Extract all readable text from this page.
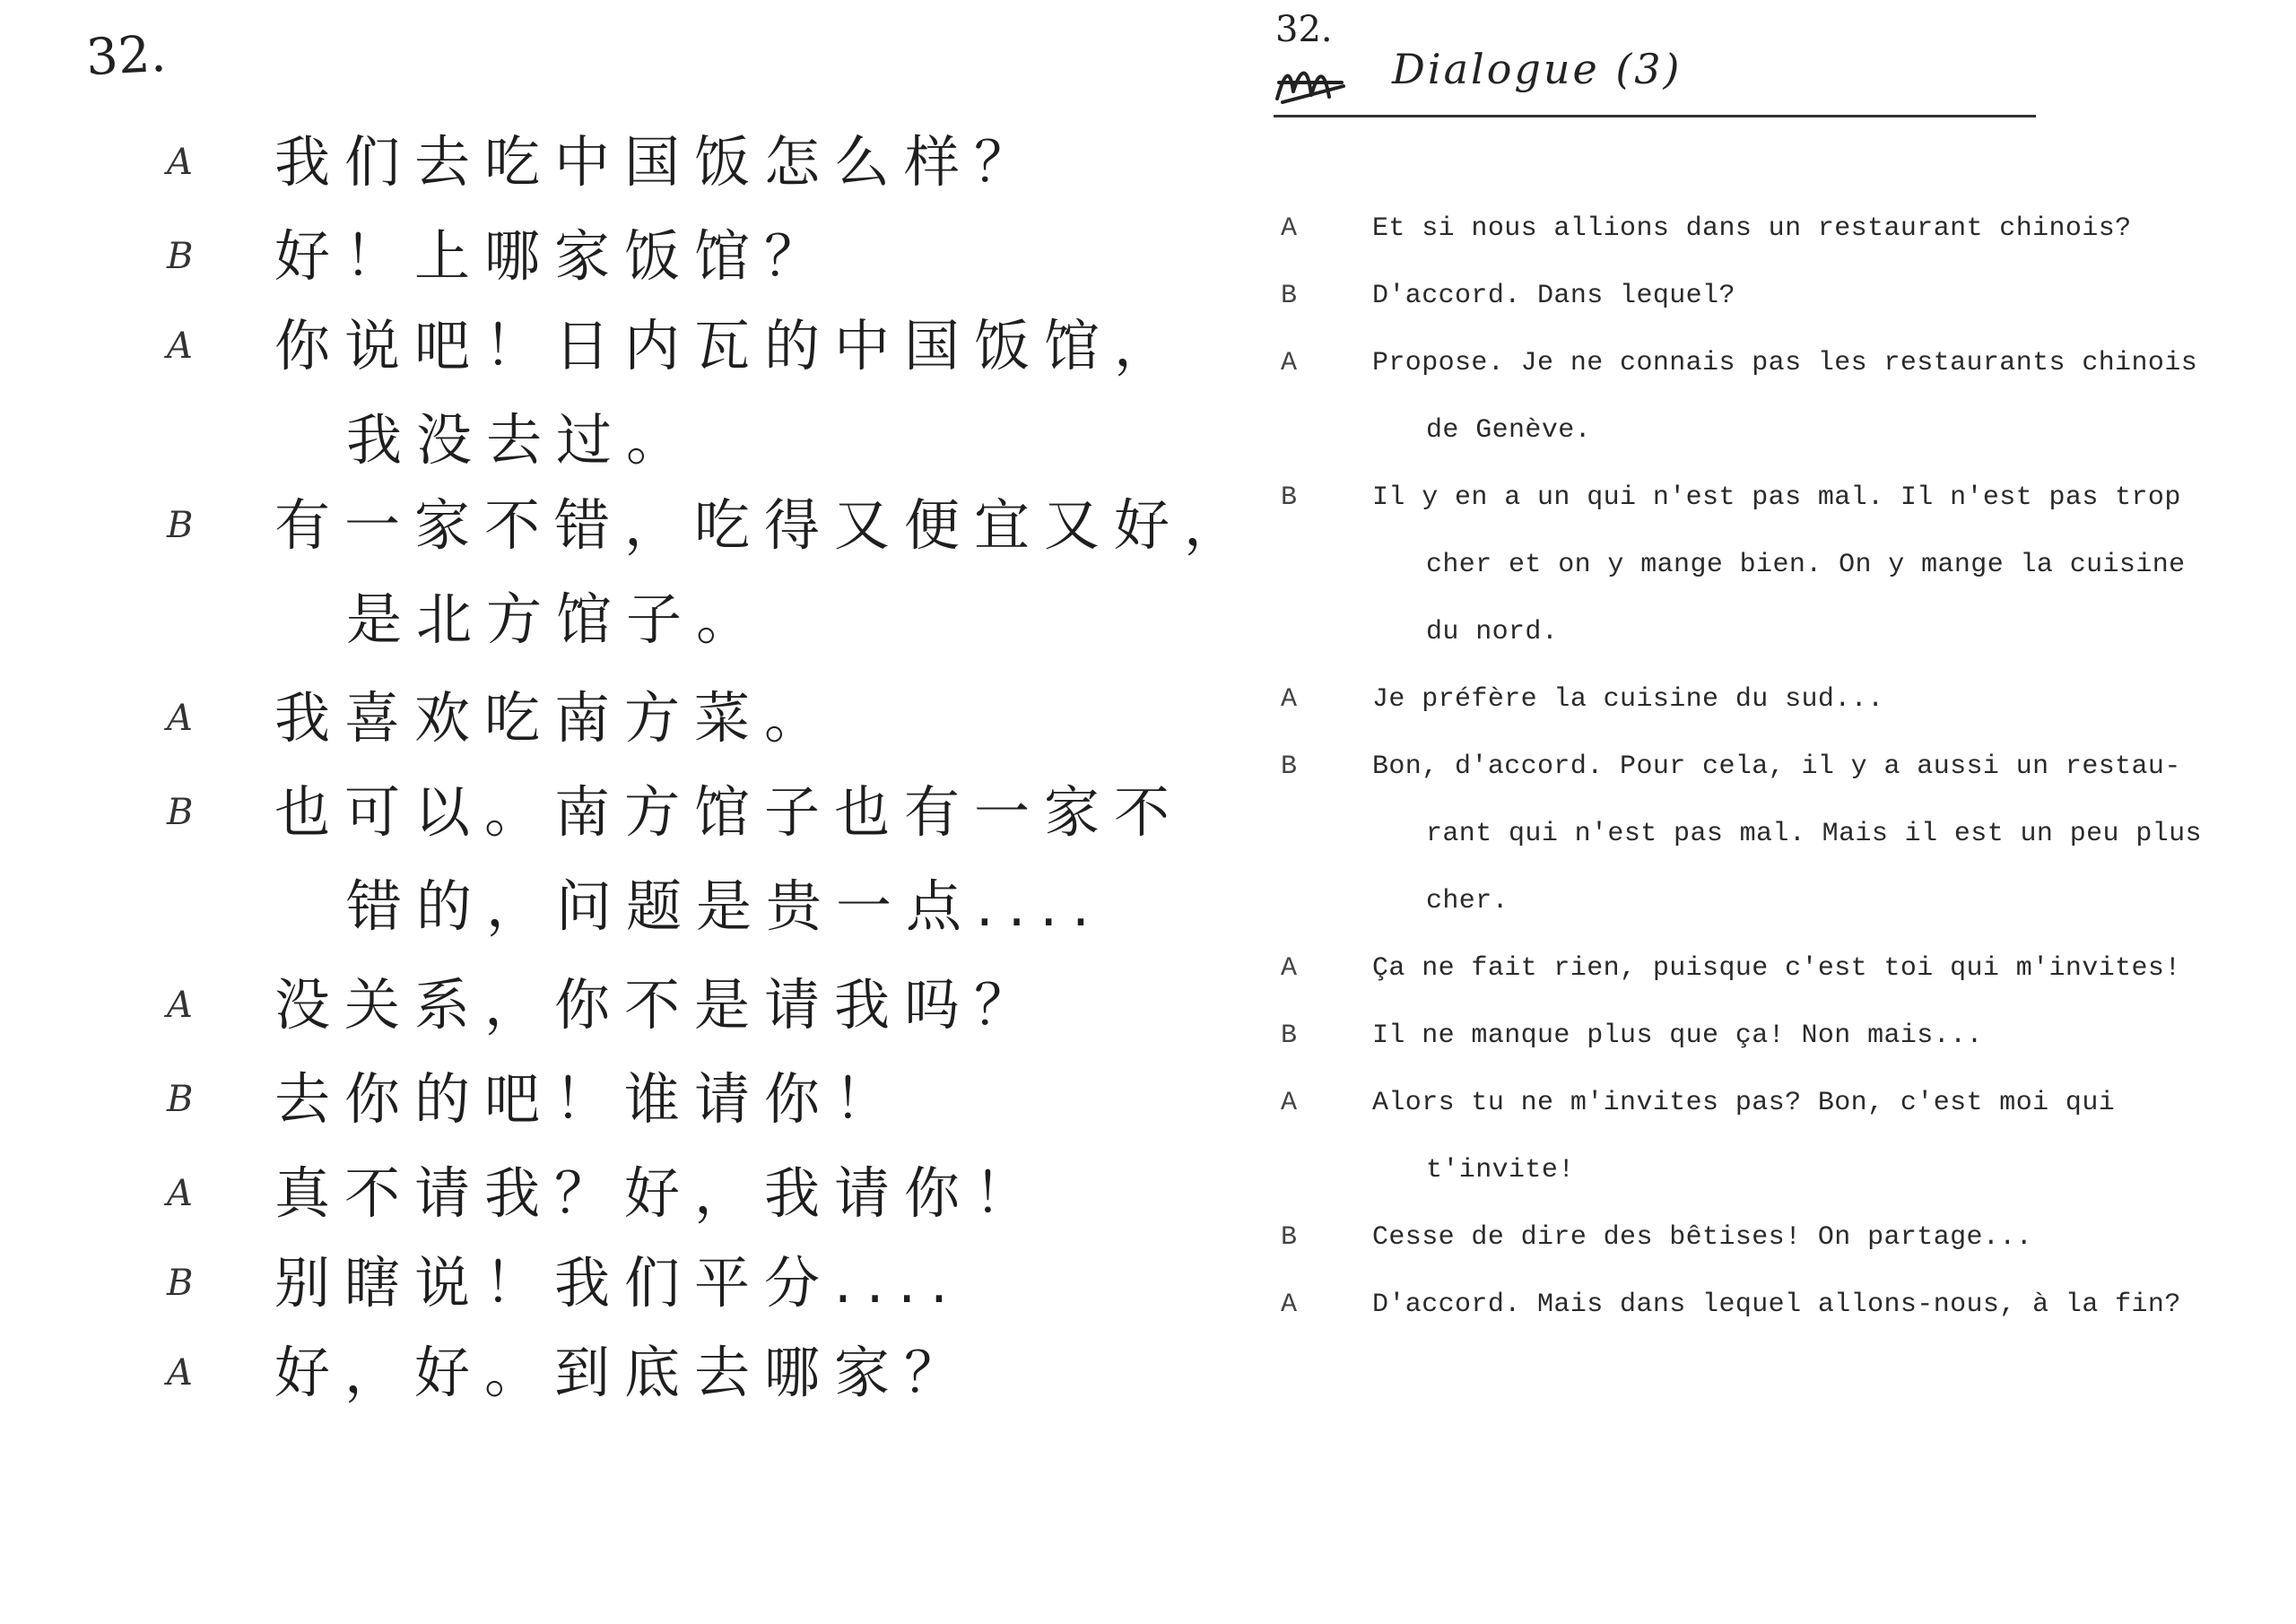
32.
A 我们去吃中国饭怎么样？
B 好！上哪家饭馆？
A 你说吧！日内瓦的中国饭馆，
我没去过。
B 有一家不错，吃得又便宜又好，
是北方馆子。
A 我喜欢吃南方菜。
B 也可以。南方馆子也有一家不
错的，问题是贵一点....
A 没关系，你不是请我吗？
B 去你的吧！谁请你！
A 真不请我？好，我请你！
B 别瞎说！我们平分....
A 好，好。到底去哪家？
32.
Dialogue (3)
A	Et si nous allions dans un restaurant chinois?
B	D'accord. Dans lequel?
A	Propose. Je ne connais pas les restaurants chinois
de Genève.
B	Il y en a un qui n'est pas mal. Il n'est pas trop
cher et on y mange bien. On y mange la cuisine
du nord.
A	Je préfère la cuisine du sud...
B	Bon, d'accord. Pour cela, il y a aussi un restau-
rant qui n'est pas mal. Mais il est un peu plus
cher.
A	Ça ne fait rien, puisque c'est toi qui m'invites!
B	Il ne manque plus que ça! Non mais...
A	Alors tu ne m'invites pas? Bon, c'est moi qui
t'invite!
B	Cesse de dire des bêtises! On partage...
A	D'accord. Mais dans lequel allons-nous, à la fin?
